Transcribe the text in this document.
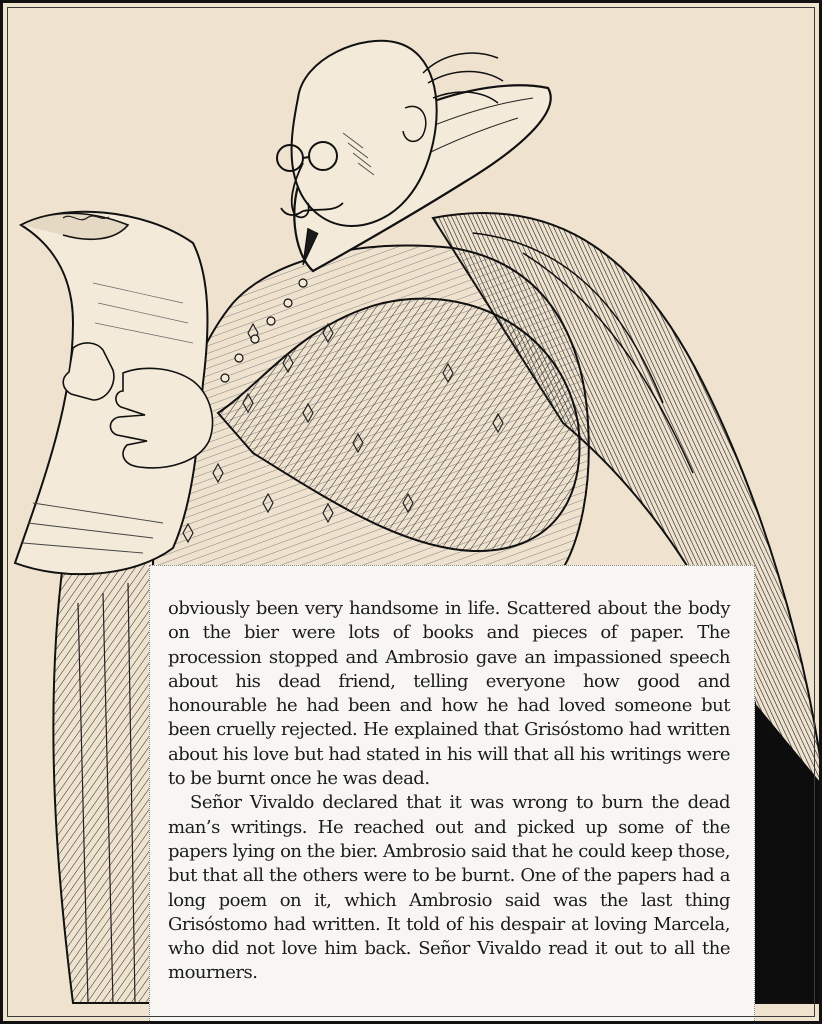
obviously been very handsome in life. Scattered about the body on the bier were lots of books and pieces of paper. The procession stopped and Ambrosio gave an impassioned speech about his dead friend, telling everyone how good and honourable he had been and how he had loved someone but been cruelly rejected. He explained that Grisóstomo had written about his love but had stated in his will that all his writings were to be burnt once he was dead.

Señor Vivaldo declared that it was wrong to burn the dead man’s writings. He reached out and picked up some of the papers lying on the bier. Ambrosio said that he could keep those, but that all the others were to be burnt. One of the papers had a long poem on it, which Ambrosio said was the last thing Grisóstomo had written. It told of his despair at loving Marcela, who did not love him back. Señor Vivaldo read it out to all the mourners.
